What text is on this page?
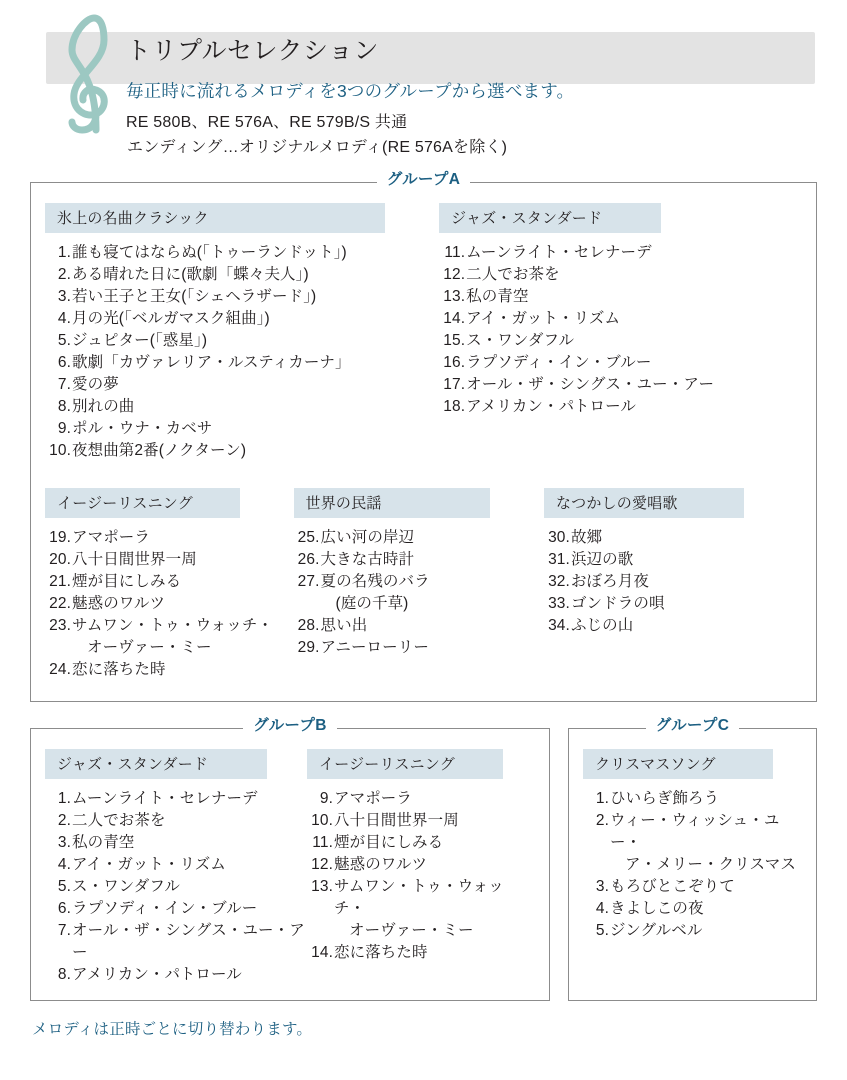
トリプルセレクション

毎正時に流れるメロディを3つのグループから選べます。

RE 580B、RE 576A、RE 579B/S 共通

エンディング…オリジナルメロディ(RE 576Aを除く)

グループA
氷上の名曲クラシック
1. 誰も寝てはならぬ(「トゥーランドット」)
2. ある晴れた日に(歌劇「蝶々夫人」)
3. 若い王子と王女(「シェヘラザード」)
4. 月の光(「ベルガマスク組曲」)
5. ジュピター(「惑星」)
6. 歌劇「カヴァレリア・ルスティカーナ」
7. 愛の夢
8. 別れの曲
9. ポル・ウナ・カベサ
10. 夜想曲第2番(ノクターン)
ジャズ・スタンダード
11. ムーンライト・セレナーデ
12. 二人でお茶を
13. 私の青空
14. アイ・ガット・リズム
15. ス・ワンダフル
16. ラプソディ・イン・ブルー
17. オール・ザ・シングス・ユー・アー
18. アメリカン・パトロール
イージーリスニング
19. アマポーラ
20. 八十日間世界一周
21. 煙が目にしみる
22. 魅惑のワルツ
23. サムワン・トゥ・ウォッチ・
オーヴァー・ミー
24. 恋に落ちた時
世界の民謡
25. 広い河の岸辺
26. 大きな古時計
27. 夏の名残のバラ
(庭の千草)
28. 思い出
29. アニーローリー
なつかしの愛唱歌
30. 故郷
31. 浜辺の歌
32. おぼろ月夜
33. ゴンドラの唄
34. ふじの山
グループB
ジャズ・スタンダード
1. ムーンライト・セレナーデ
2. 二人でお茶を
3. 私の青空
4. アイ・ガット・リズム
5. ス・ワンダフル
6. ラプソディ・イン・ブルー
7. オール・ザ・シングス・ユー・アー
8. アメリカン・パトロール
イージーリスニング
9. アマポーラ
10. 八十日間世界一周
11. 煙が目にしみる
12. 魅惑のワルツ
13. サムワン・トゥ・ウォッチ・
オーヴァー・ミー
14. 恋に落ちた時
グループC
クリスマスソング
1. ひいらぎ飾ろう
2. ウィー・ウィッシュ・ユー・
ア・メリー・クリスマス
3. もろびとこぞりて
4. きよしこの夜
5. ジングルベル
メロディは正時ごとに切り替わります。
